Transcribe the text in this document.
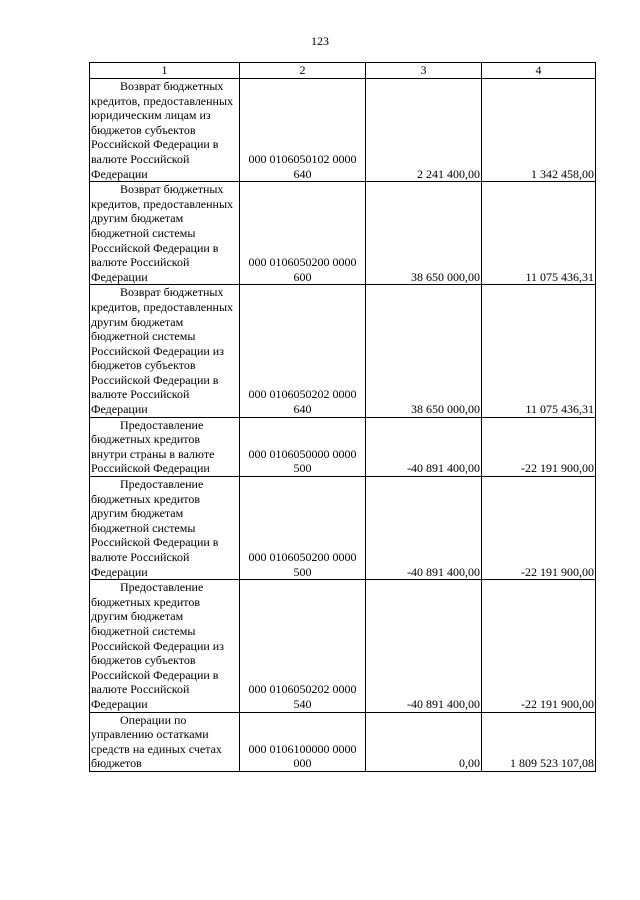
123
1	2	3	4

Возврат бюджетных кредитов, предоставленных юридическим лицам из бюджетов субъектов Российской Федерации в валюте Российской Федерации	000 0106050102 0000 640	2 241 400,00	1 342 458,00

Возврат бюджетных кредитов, предоставленных другим бюджетам бюджетной системы Российской Федерации в валюте Российской Федерации	000 0106050200 0000 600	38 650 000,00	11 075 436,31

Возврат бюджетных кредитов, предоставленных другим бюджетам бюджетной системы Российской Федерации из бюджетов субъектов Российской Федерации в валюте Российской Федерации	000 0106050202 0000 640	38 650 000,00	11 075 436,31

Предоставление бюджетных кредитов внутри страны в валюте Российской Федерации	000 0106050000 0000 500	-40 891 400,00	-22 191 900,00

Предоставление бюджетных кредитов другим бюджетам бюджетной системы Российской Федерации в валюте Российской Федерации	000 0106050200 0000 500	-40 891 400,00	-22 191 900,00

Предоставление бюджетных кредитов другим бюджетам бюджетной системы Российской Федерации из бюджетов субъектов Российской Федерации в валюте Российской Федерации	000 0106050202 0000 540	-40 891 400,00	-22 191 900,00

Операции по управлению остатками средств на единых счетах бюджетов	000 0106100000 0000 000	0,00	1 809 523 107,08
